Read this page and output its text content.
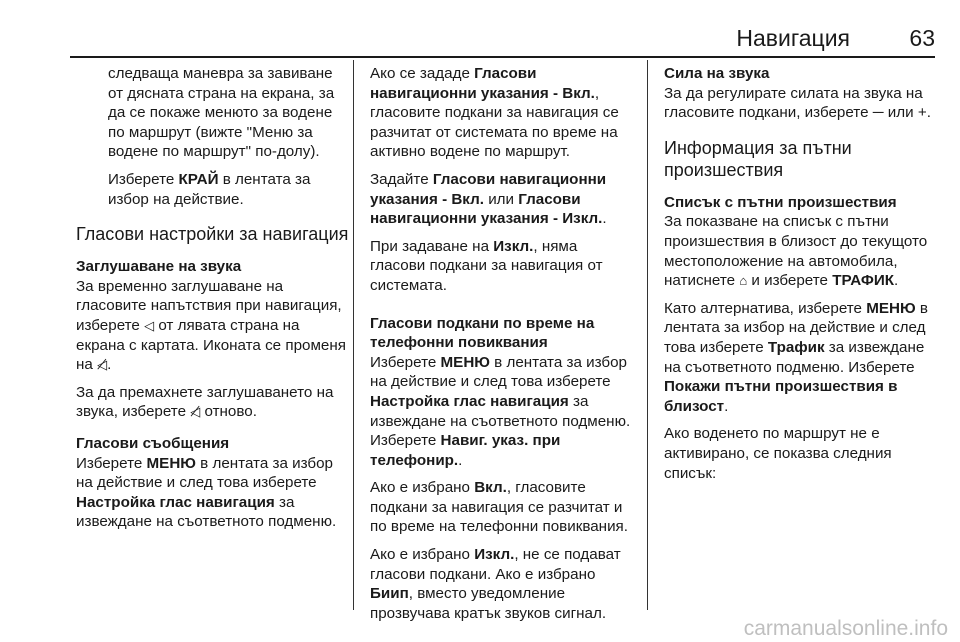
Навигация	63

следваща маневра за завиване от дясната страна на екрана, за да се покаже менюто за водене по маршрут (вижте "Меню за водене по маршрут" по-долу).

Изберете КРАЙ в лентата за избор на действие.

Гласови настройки за навигация
Заглушаване на звука

За временно заглушаване на гласовите напътствия при навигация, изберете ◁ от лявата страна на екрана с картата. Иконата се променя на ◁̸.

За да премахнете заглушаването на звука, изберете ◁̸ отново.

Гласови съобщения

Изберете МЕНЮ в лентата за избор на действие и след това изберете Настройка глас навигация за извеждане на съответното подменю.

Ако се зададе Гласови навигационни указания - Вкл., гласовите подкани за навигация се разчитат от системата по време на активно водене по маршрут.

Задайте Гласови навигационни указания - Вкл. или Гласови навигационни указания - Изкл..

При задаване на Изкл., няма гласови подкани за навигация от системата.

Гласови подкани по време на телефонни повиквания

Изберете МЕНЮ в лентата за избор на действие и след това изберете Настройка глас навигация за извеждане на съответното подменю. Изберете Навиг. указ. при телефонир..

Ако е избрано Вкл., гласовите подкани за навигация се разчитат и по време на телефонни повиквания.

Ако е избрано Изкл., не се подават гласови подкани. Ако е избрано Биип, вместо уведомление прозвучава кратък звуков сигнал.

Сила на звука

За да регулирате силата на звука на гласовите подкани, изберете ─ или +.

Информация за пътни произшествия
Списък с пътни произшествия

За показване на списък с пътни произшествия в близост до текущото местоположение на автомобила, натиснете ⌂ и изберете ТРАФИК.

Като алтернатива, изберете МЕНЮ в лентата за избор на действие и след това изберете Трафик за извеждане на съответното подменю. Изберете Покажи пътни произшествия в близост.

Ако воденето по маршрут не е активирано, се показва следния списък:

carmanualsonline.info
